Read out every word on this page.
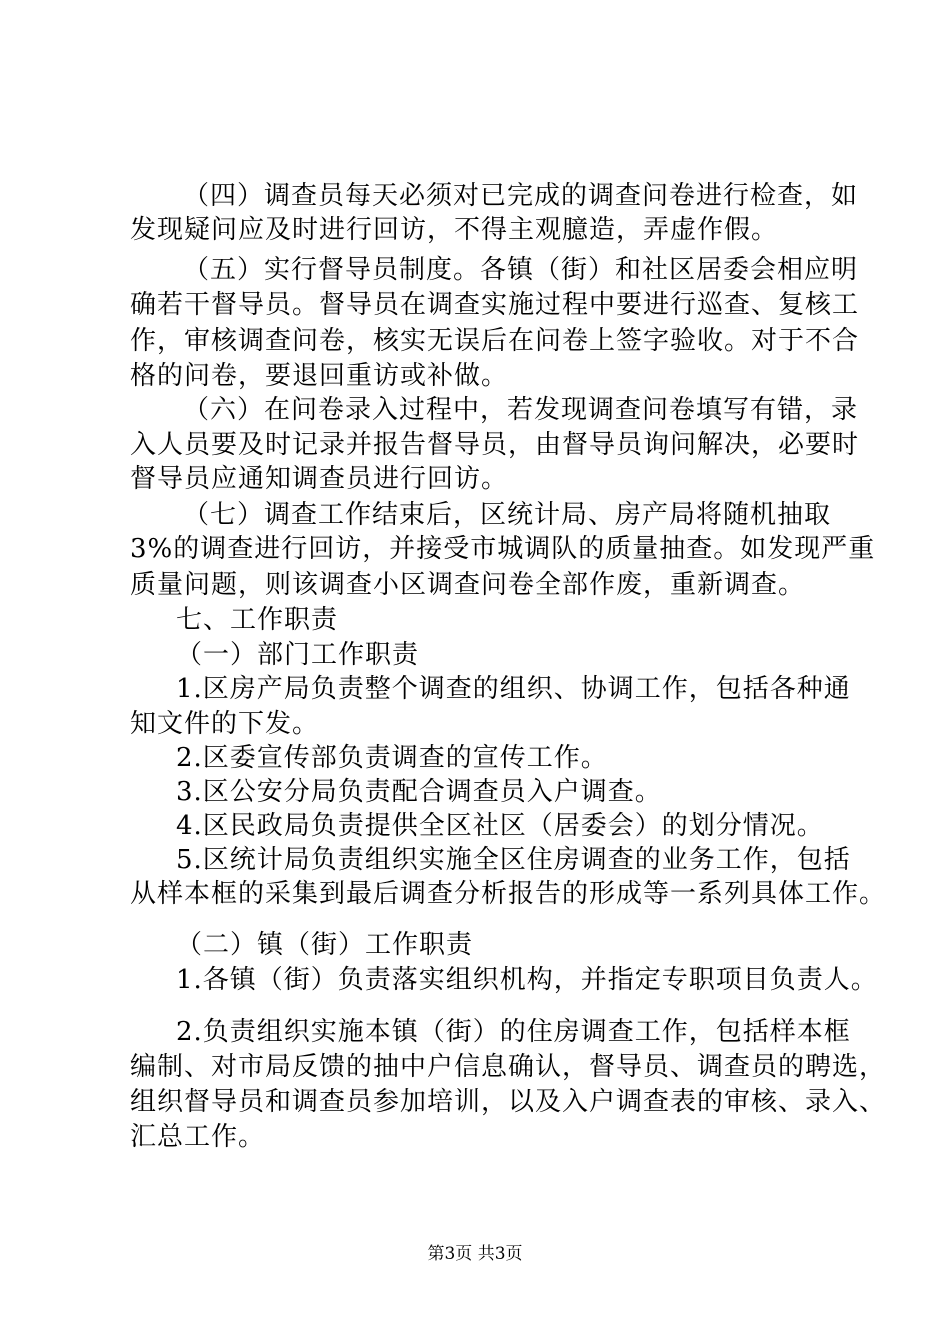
（四）调查员每天必须对已完成的调查问卷进行检查，如
发现疑问应及时进行回访，不得主观臆造，弄虚作假。
（五）实行督导员制度。各镇（街）和社区居委会相应明
确若干督导员。督导员在调查实施过程中要进行巡查、复核工
作，审核调查问卷，核实无误后在问卷上签字验收。对于不合
格的问卷，要退回重访或补做。
（六）在问卷录入过程中，若发现调查问卷填写有错，录
入人员要及时记录并报告督导员，由督导员询问解决，必要时
督导员应通知调查员进行回访。
（七）调查工作结束后，区统计局、房产局将随机抽取
3%的调查进行回访，并接受市城调队的质量抽查。如发现严重
质量问题，则该调查小区调查问卷全部作废，重新调查。
七、工作职责
（一）部门工作职责
1.区房产局负责整个调查的组织、协调工作，包括各种通
知文件的下发。
2.区委宣传部负责调查的宣传工作。
3.区公安分局负责配合调查员入户调查。
4.区民政局负责提供全区社区（居委会）的划分情况。
5.区统计局负责组织实施全区住房调查的业务工作，包括
从样本框的采集到最后调查分析报告的形成等一系列具体工作。
（二）镇（街）工作职责
1.各镇（街）负责落实组织机构，并指定专职项目负责人。
2.负责组织实施本镇（街）的住房调查工作，包括样本框
编制、对市局反馈的抽中户信息确认，督导员、调查员的聘选，
组织督导员和调查员参加培训，以及入户调查表的审核、录入、
汇总工作。
第3页 共3页
